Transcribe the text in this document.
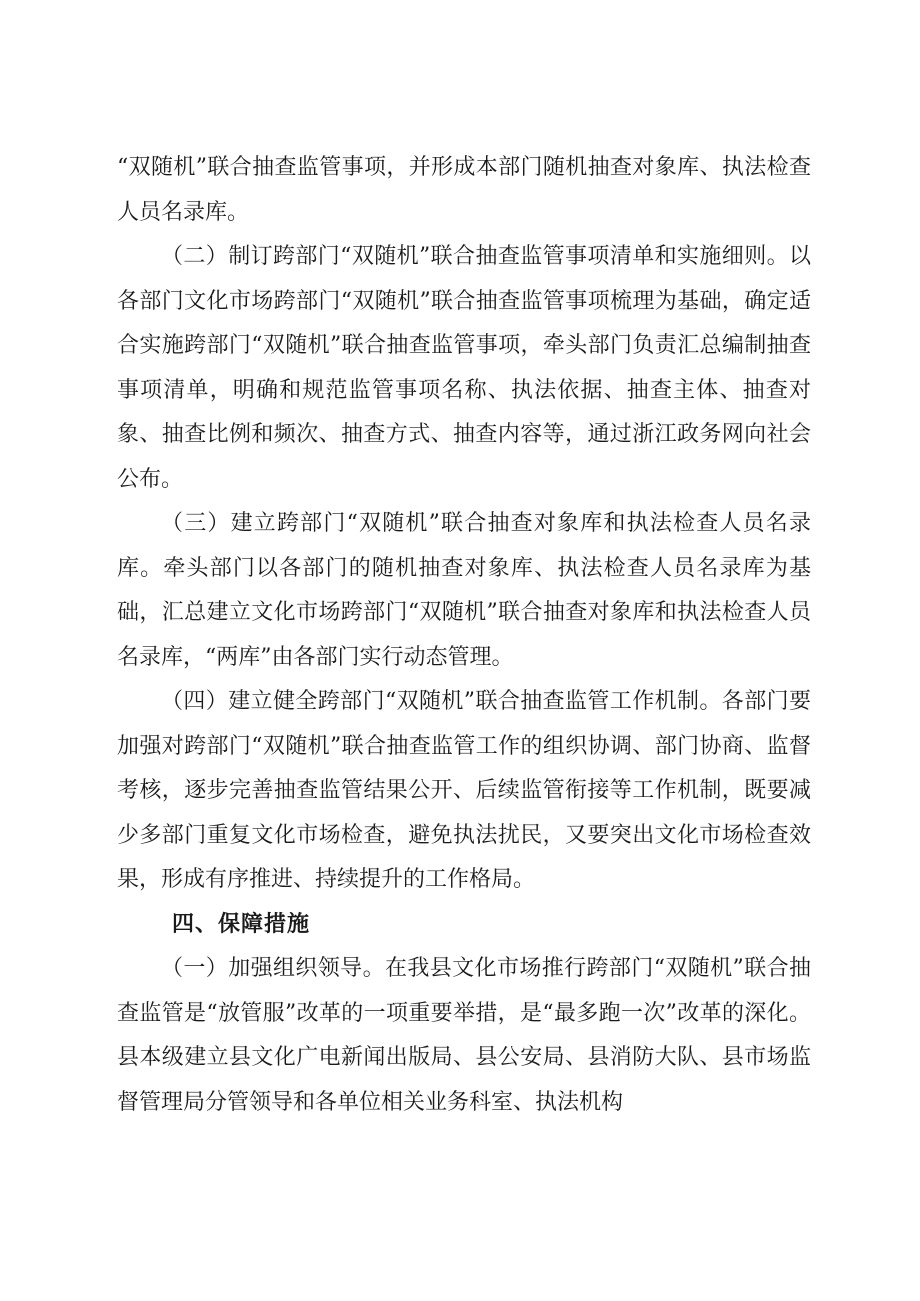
“双随机”联合抽查监管事项，并形成本部门随机抽查对象库、执法检查人员名录库。

（二）制订跨部门“双随机”联合抽查监管事项清单和实施细则。以各部门文化市场跨部门“双随机”联合抽查监管事项梳理为基础，确定适合实施跨部门“双随机”联合抽查监管事项，牵头部门负责汇总编制抽查事项清单，明确和规范监管事项名称、执法依据、抽查主体、抽查对象、抽查比例和频次、抽查方式、抽查内容等，通过浙江政务网向社会公布。

（三）建立跨部门“双随机”联合抽查对象库和执法检查人员名录库。牵头部门以各部门的随机抽查对象库、执法检查人员名录库为基础，汇总建立文化市场跨部门“双随机”联合抽查对象库和执法检查人员名录库，“两库”由各部门实行动态管理。

（四）建立健全跨部门“双随机”联合抽查监管工作机制。各部门要加强对跨部门“双随机”联合抽查监管工作的组织协调、部门协商、监督考核，逐步完善抽查监管结果公开、后续监管衔接等工作机制，既要减少多部门重复文化市场检查，避免执法扰民，又要突出文化市场检查效果，形成有序推进、持续提升的工作格局。

四、保障措施

（一）加强组织领导。在我县文化市场推行跨部门“双随机”联合抽查监管是“放管服”改革的一项重要举措，是“最多跑一次”改革的深化。县本级建立县文化广电新闻出版局、县公安局、县消防大队、县市场监督管理局分管领导和各单位相关业务科室、执法机构
